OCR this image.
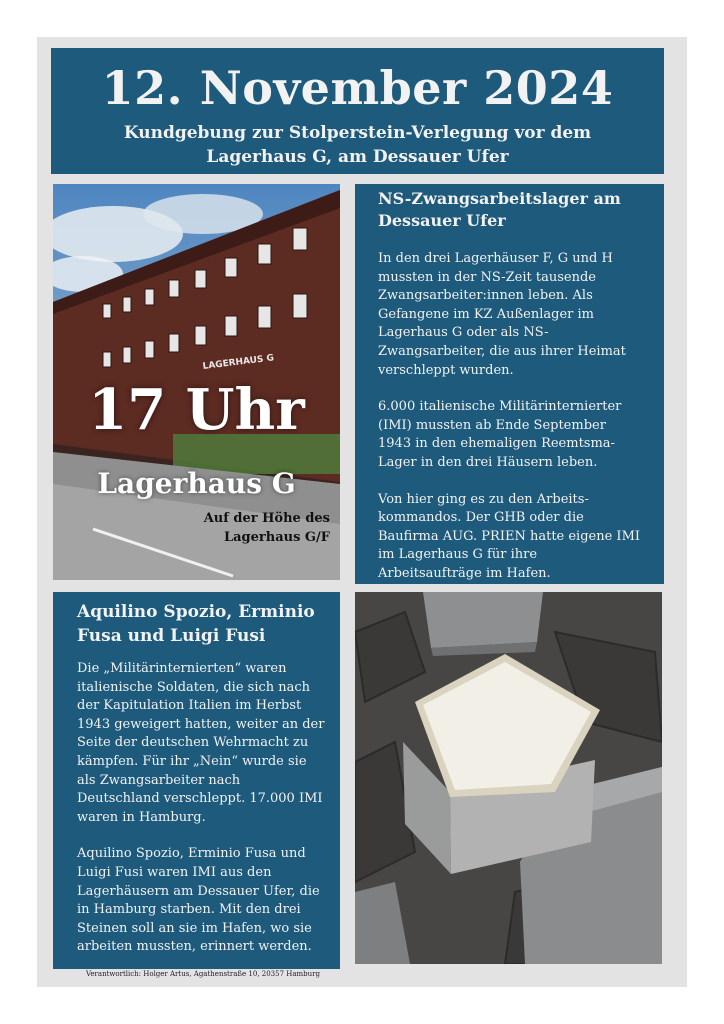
12. November 2024
Kundgebung zur Stolperstein-Verlegung vor dem
Lagerhaus G, am Dessauer Ufer
LAGERHAUS G
17 Uhr
Lagerhaus G
Auf der Höhe des
Lagerhaus G/F
NS-Zwangsarbeitslager am
Dessauer Ufer

In den drei Lagerhäuser F, G und H mussten in der NS-Zeit tausende Zwangsarbeiter:innen leben. Als Gefangene im KZ Außenlager im Lagerhaus G oder als NS-Zwangsarbeiter, die aus ihrer Heimat verschleppt wurden.

6.000 italienische Militärinternierter (IMI) mussten ab Ende September 1943 in den ehemaligen Reemtsma-Lager in den drei Häusern leben.

Von hier ging es zu den Arbeits-kommandos. Der GHB oder die Baufirma AUG. PRIEN hatte eigene IMI im Lagerhaus G für ihre Arbeitsaufträge im Hafen.

Aquilino Spozio, Erminio
Fusa und Luigi Fusi

Die „Militärinternierten“ waren italienische Soldaten, die sich nach der Kapitulation Italien im Herbst 1943 geweigert hatten, weiter an der Seite der deutschen Wehrmacht zu kämpfen. Für ihr „Nein“ wurde sie als Zwangsarbeiter nach Deutschland verschleppt. 17.000 IMI waren in Hamburg.

Aquilino Spozio, Erminio Fusa und Luigi Fusi waren IMI aus den Lagerhäusern am Dessauer Ufer, die in Hamburg starben. Mit den drei Steinen soll an sie im Hafen, wo sie arbeiten mussten, erinnert werden.

Verantwortlich: Holger Artus, Agathenstraße 10, 20357 Hamburg
